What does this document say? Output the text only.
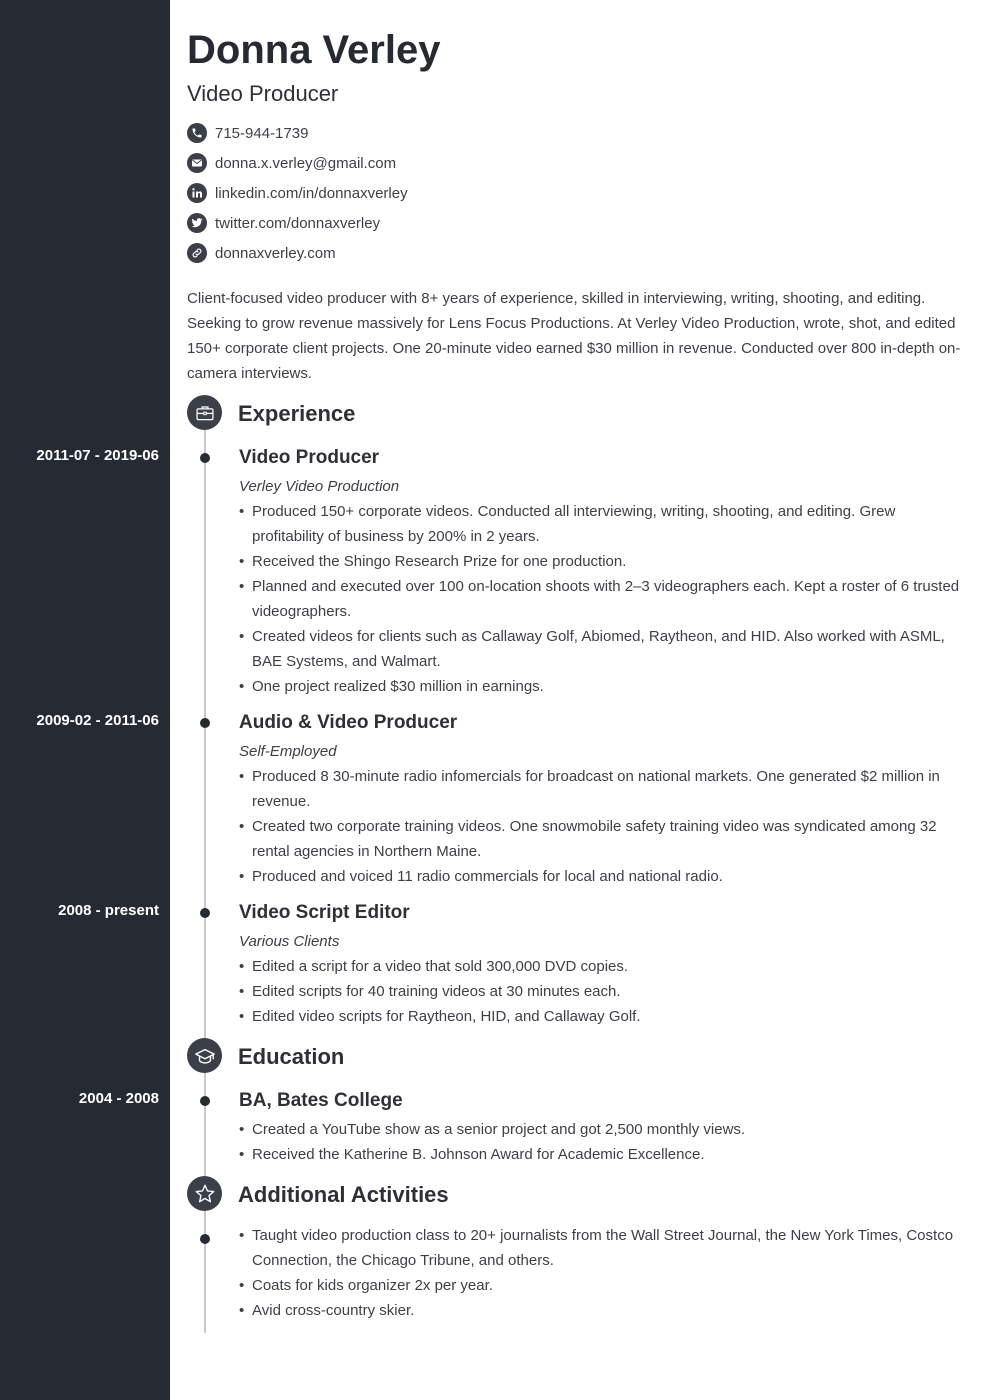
Donna Verley
Video Producer
715-944-1739
donna.x.verley@gmail.com
linkedin.com/in/donnaxverley
twitter.com/donnaxverley
donnaxverley.com

Client-focused video producer with 8+ years of experience, skilled in interviewing, writing, shooting, and editing. Seeking to grow revenue massively for Lens Focus Productions. At Verley Video Production, wrote, shot, and edited 150+ corporate client projects. One 20-minute video earned $30 million in revenue. Conducted over 800 in-depth on-camera interviews.

Experience
2011-07 - 2019-06	Video Producer
Verley Video Production
• Produced 150+ corporate videos. Conducted all interviewing, writing, shooting, and editing. Grew profitability of business by 200% in 2 years.
• Received the Shingo Research Prize for one production.
• Planned and executed over 100 on-location shoots with 2–3 videographers each. Kept a roster of 6 trusted videographers.
• Created videos for clients such as Callaway Golf, Abiomed, Raytheon, and HID. Also worked with ASML, BAE Systems, and Walmart.
• One project realized $30 million in earnings.
2009-02 - 2011-06	Audio & Video Producer
Self-Employed
• Produced 8 30-minute radio infomercials for broadcast on national markets. One generated $2 million in revenue.
• Created two corporate training videos. One snowmobile safety training video was syndicated among 32 rental agencies in Northern Maine.
• Produced and voiced 11 radio commercials for local and national radio.
2008 - present	Video Script Editor
Various Clients
• Edited a script for a video that sold 300,000 DVD copies.
• Edited scripts for 40 training videos at 30 minutes each.
• Edited video scripts for Raytheon, HID, and Callaway Golf.
Education
2004 - 2008	BA, Bates College
• Created a YouTube show as a senior project and got 2,500 monthly views.
• Received the Katherine B. Johnson Award for Academic Excellence.
Additional Activities
• Taught video production class to 20+ journalists from the Wall Street Journal, the New York Times, Costco Connection, the Chicago Tribune, and others.
• Coats for kids organizer 2x per year.
• Avid cross-country skier.
